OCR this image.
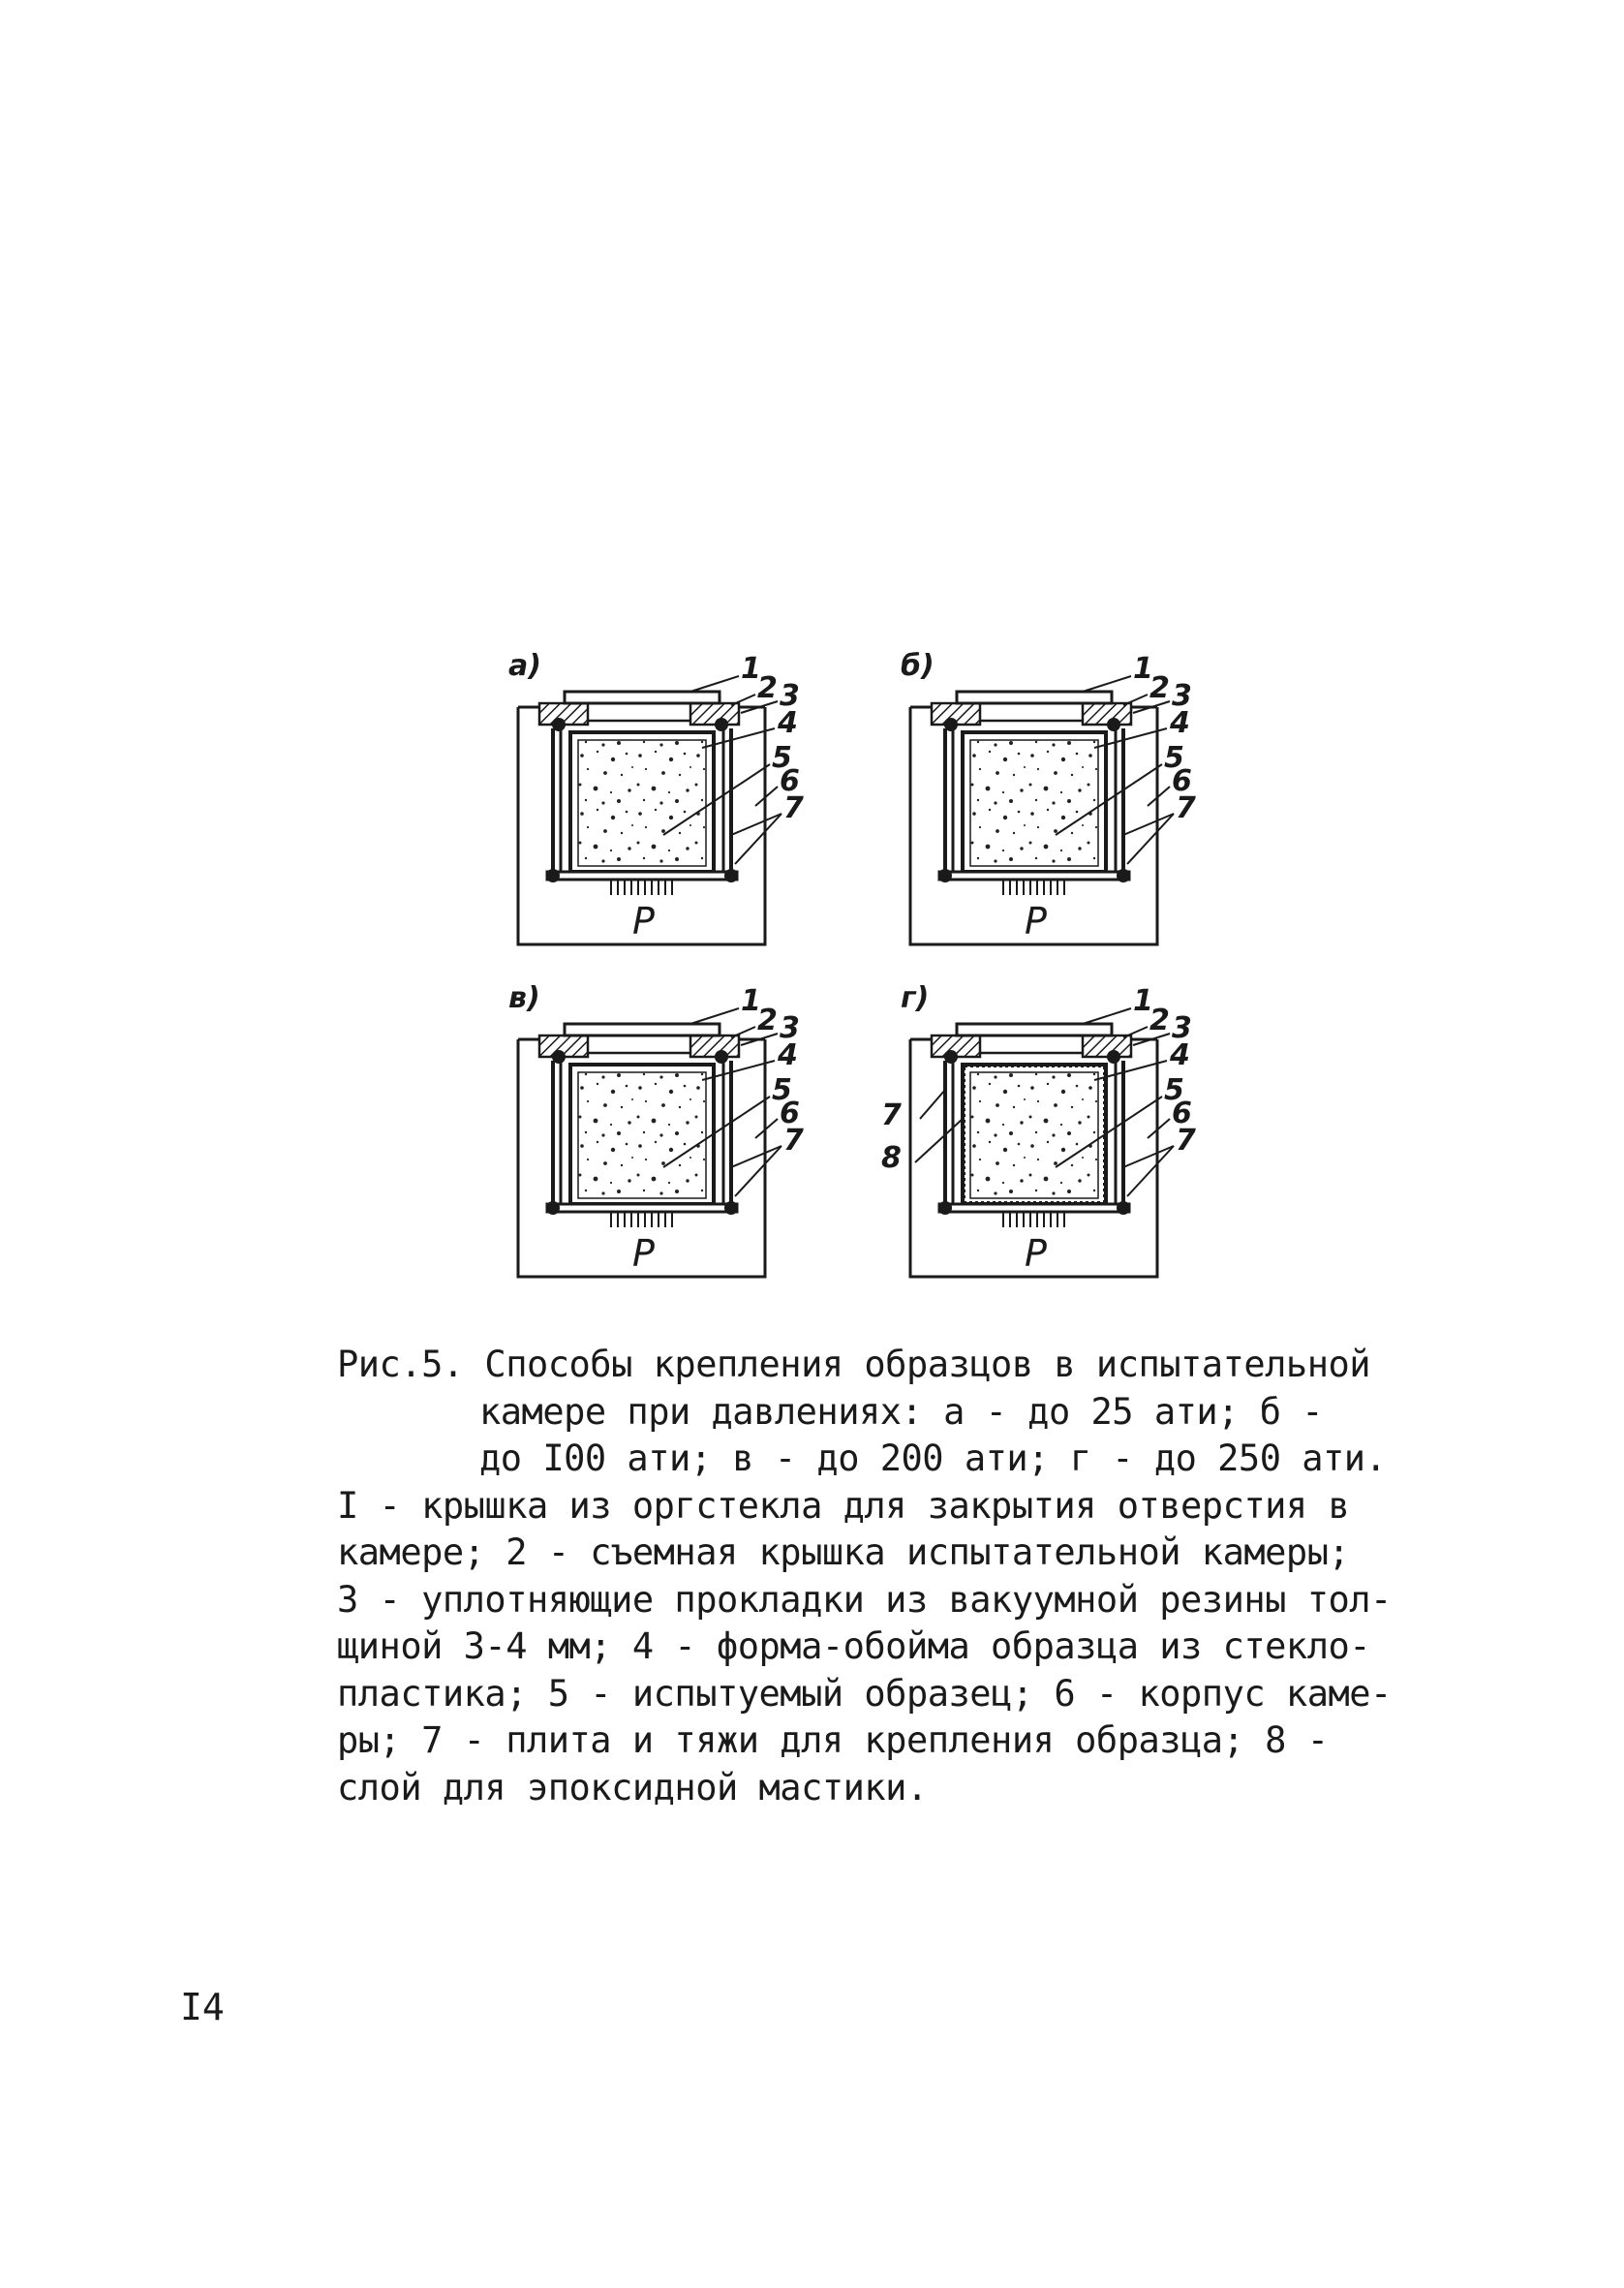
P
а)	1
2 3
4
5
6
7
P
б)	1
2 3
4
5
6
7
P
в)	1
2 3
4
5
6
7
P
г)	1
2 3
4
5
6
7
7
8
Рис.5. Способы крепления образцов в испытательной
камере при давлениях: а - до 25 ати; б -
до I00 ати; в - до 200 ати; г - до 250 ати.
I - крышка из оргстекла для закрытия отверстия в
камере; 2 - съемная крышка испытательной камеры;
3 - уплотняющие прокладки из вакуумной резины тол-
щиной 3-4 мм; 4 - форма-обойма образца из стекло-
пластика; 5 - испытуемый образец; 6 - корпус каме-
ры; 7 - плита и тяжи для крепления образца; 8 -
слой для эпоксидной мастики.
I4
